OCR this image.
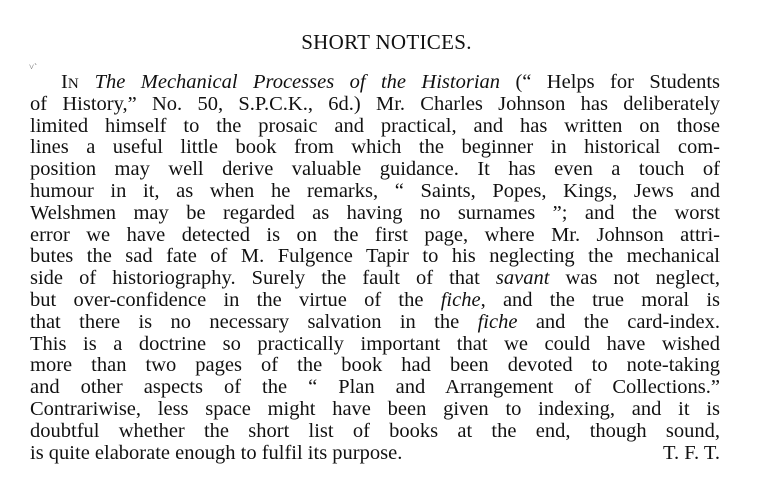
SHORT NOTICES.
˅ˋ
IN The Mechanical Processes of the Historian (“ Helps for Students
of History,” No. 50, S.P.C.K., 6d.) Mr. Charles Johnson has deliberately
limited himself to the prosaic and practical, and has written on those
lines a useful little book from which the beginner in historical com-
position may well derive valuable guidance. It has even a touch of
humour in it, as when he remarks, “ Saints, Popes, Kings, Jews and
Welshmen may be regarded as having no surnames ”; and the worst
error we have detected is on the first page, where Mr. Johnson attri-
butes the sad fate of M. Fulgence Tapir to his neglecting the mechanical
side of historiography. Surely the fault of that savant was not neglect,
but over-confidence in the virtue of the fiche, and the true moral is
that there is no necessary salvation in the fiche and the card-index.
This is a doctrine so practically important that we could have wished
more than two pages of the book had been devoted to note-taking
and other aspects of the “ Plan and Arrangement of Collections.”
Contrariwise, less space might have been given to indexing, and it is
doubtful whether the short list of books at the end, though sound,
is quite elaborate enough to fulfil its purpose.	T. F. T.
